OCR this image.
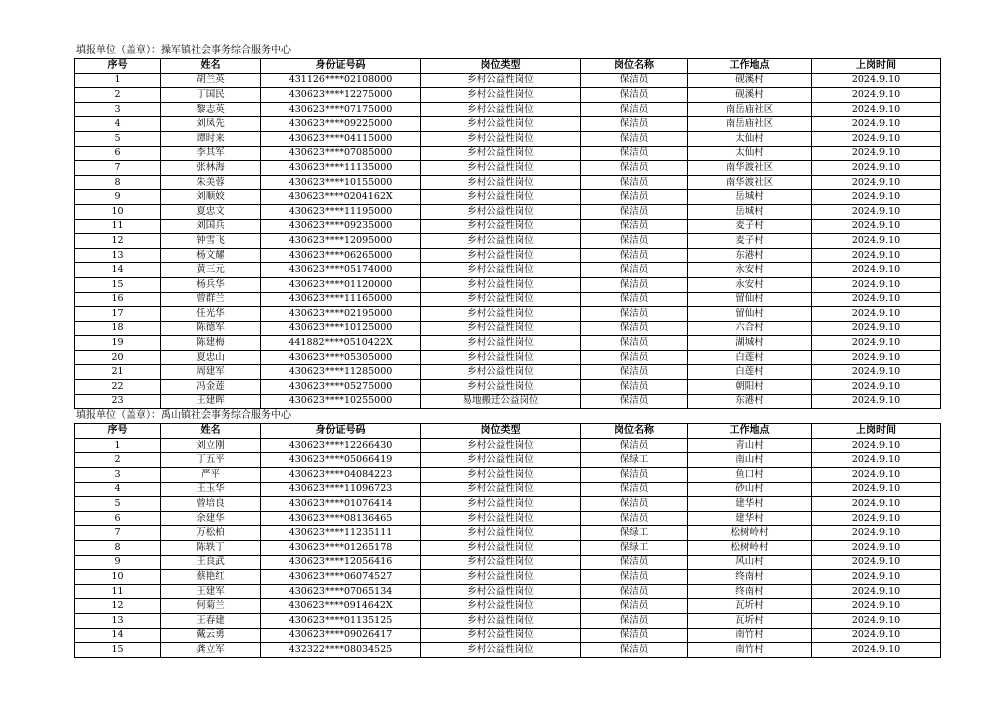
填报单位（盖章）：操军镇社会事务综合服务中心
序号	姓名	身份证号码	岗位类型	岗位名称	工作地点	上岗时间
1	胡兰英	431126****02108000	乡村公益性岗位	保洁员	砚溪村	2024.9.10
2	丁国民	430623****12275000	乡村公益性岗位	保洁员	砚溪村	2024.9.10
3	黎志英	430623****07175000	乡村公益性岗位	保洁员	南岳庙社区	2024.9.10
4	刘凤先	430623****09225000	乡村公益性岗位	保洁员	南岳庙社区	2024.9.10
5	谭时来	430623****04115000	乡村公益性岗位	保洁员	太仙村	2024.9.10
6	李其军	430623****07085000	乡村公益性岗位	保洁员	太仙村	2024.9.10
7	张林海	430623****11135000	乡村公益性岗位	保洁员	南华渡社区	2024.9.10
8	朱美蓉	430623****10155000	乡村公益性岗位	保洁员	南华渡社区	2024.9.10
9	刘顺姣	430623****0204162X	乡村公益性岗位	保洁员	岳城村	2024.9.10
10	夏忠文	430623****11195000	乡村公益性岗位	保洁员	岳城村	2024.9.10
11	刘国兵	430623****09235000	乡村公益性岗位	保洁员	麦子村	2024.9.10
12	钟雪飞	430623****12095000	乡村公益性岗位	保洁员	麦子村	2024.9.10
13	杨文耀	430623****06265000	乡村公益性岗位	保洁员	东港村	2024.9.10
14	黄三元	430623****05174000	乡村公益性岗位	保洁员	永安村	2024.9.10
15	杨兵华	430623****01120000	乡村公益性岗位	保洁员	永安村	2024.9.10
16	曾群兰	430623****11165000	乡村公益性岗位	保洁员	留仙村	2024.9.10
17	任光华	430623****02195000	乡村公益性岗位	保洁员	留仙村	2024.9.10
18	陈德军	430623****10125000	乡村公益性岗位	保洁员	六合村	2024.9.10
19	陈建梅	441882****0510422X	乡村公益性岗位	保洁员	湖城村	2024.9.10
20	夏忠山	430623****05305000	乡村公益性岗位	保洁员	白莲村	2024.9.10
21	周建军	430623****11285000	乡村公益性岗位	保洁员	白莲村	2024.9.10
22	冯金莲	430623****05275000	乡村公益性岗位	保洁员	朝阳村	2024.9.10
23	王建晖	430623****10255000	易地搬迁公益岗位	保洁员	东港村	2024.9.10
填报单位（盖章）：禹山镇社会事务综合服务中心
序号	姓名	身份证号码	岗位类型	岗位名称	工作地点	上岗时间
1	刘立刚	430623****12266430	乡村公益性岗位	保洁员	青山村	2024.9.10
2	丁五平	430623****05066419	乡村公益性岗位	保绿工	南山村	2024.9.10
3	严平	430623****04084223	乡村公益性岗位	保洁员	鱼口村	2024.9.10
4	王玉华	430623****11096723	乡村公益性岗位	保洁员	砂山村	2024.9.10
5	曾培良	430623****01076414	乡村公益性岗位	保洁员	建华村	2024.9.10
6	余建华	430623****08136465	乡村公益性岗位	保洁员	建华村	2024.9.10
7	万松柏	430623****11235111	乡村公益性岗位	保绿工	松树岭村	2024.9.10
8	陈轶丁	430623****01265178	乡村公益性岗位	保绿工	松树岭村	2024.9.10
9	王良武	430623****12056416	乡村公益性岗位	保洁员	风山村	2024.9.10
10	蔡艳红	430623****06074527	乡村公益性岗位	保洁员	终南村	2024.9.10
11	王建军	430623****07065134	乡村公益性岗位	保洁员	终南村	2024.9.10
12	何菊兰	430623****0914642X	乡村公益性岗位	保洁员	瓦圻村	2024.9.10
13	王春建	430623****01135125	乡村公益性岗位	保洁员	瓦圻村	2024.9.10
14	戴云勇	430623****09026417	乡村公益性岗位	保洁员	南竹村	2024.9.10
15	龚立军	432322****08034525	乡村公益性岗位	保洁员	南竹村	2024.9.10
